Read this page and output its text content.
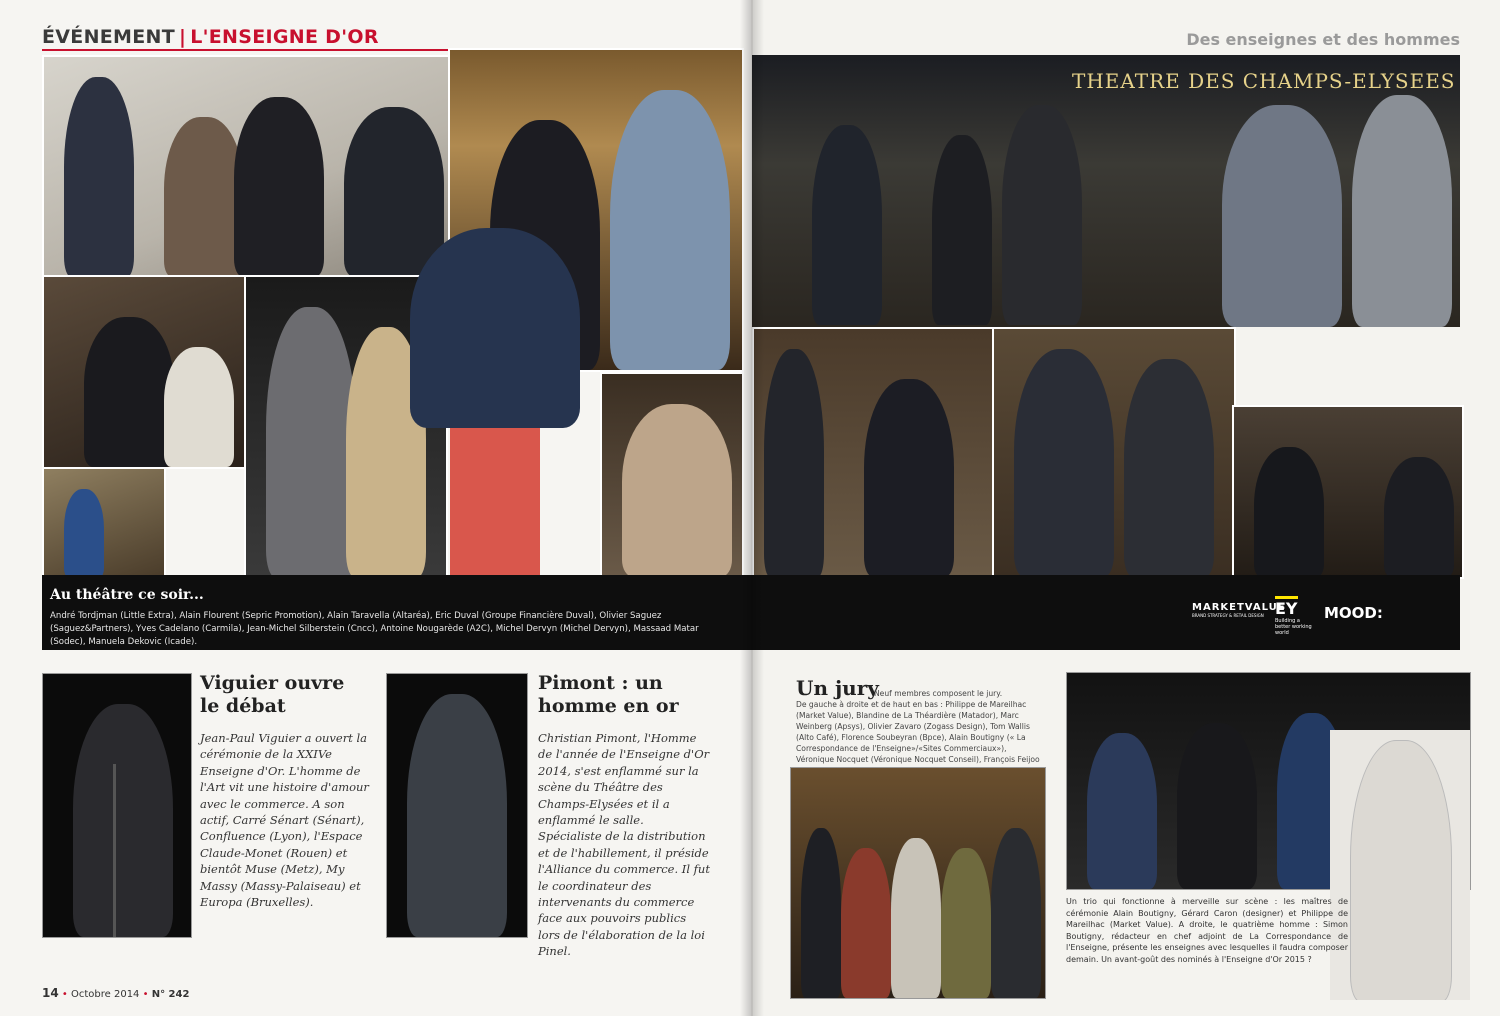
ÉVÉNEMENT | L'ENSEIGNE D'OR	Des enseignes et des hommes
THEATRE DES CHAMPS-ELYSEES
Au théâtre ce soir...
André Tordjman (Little Extra), Alain Flourent (Sepric Promotion), Alain Taravella (Altaréa), Eric Duval (Groupe Financière Duval), Olivier Saguez (Saguez&Partners), Yves Cadelano (Carmila), Jean-Michel Silberstein (Cncc), Antoine Nougarède (A2C), Michel Dervyn (Michel Dervyn), Massaad Matar (Sodec), Manuela Dekovic (Icade).
MARKETVALUE
BRAND STRATEGY & RETAIL DESIGN EY
Building a better working world
MOOD:
Viguier ouvre le débat
Jean-Paul Viguier a ouvert la cérémonie de la XXIVe Enseigne d'Or. L'homme de l'Art vit une histoire d'amour avec le commerce. A son actif, Carré Sénart (Sénart), Confluence (Lyon), l'Espace Claude-Monet (Rouen) et bientôt Muse (Metz), My Massy (Massy-Palaiseau) et Europa (Bruxelles).
Pimont : un homme en or
Christian Pimont, l'Homme de l'année de l'Enseigne d'Or 2014, s'est enflammé sur la scène du Théâtre des Champs-Elysées et il a enflammé le salle. Spécialiste de la distribution et de l'habillement, il préside l'Alliance du commerce. Il fut le coordinateur des intervenants du commerce face aux pouvoirs publics lors de l'élaboration de la loi Pinel.
Un jury
Neuf membres composent le jury.
De gauche à droite et de haut en bas : Philippe de Mareilhac (Market Value), Blandine de La Théardière (Matador), Marc Weinberg (Apsys), Olivier Zavaro (Zogass Design), Tom Wallis (Alto Café), Florence Soubeyran (Bpce), Alain Boutigny (« La Correspondance de l'Enseigne»/«Sites Commerciaux»), Véronique Nocquet (Véronique Nocquet Conseil), François Feijoo
Un trio qui fonctionne à merveille sur scène : les maîtres de cérémonie Alain Boutigny, Gérard Caron (designer) et Philippe de Mareilhac (Market Value). A droite, le quatrième homme : Simon Boutigny, rédacteur en chef adjoint de La Correspondance de l'Enseigne, présente les enseignes avec lesquelles il faudra composer demain. Un avant-goût des nominés à l'Enseigne d'Or 2015 ?
14 • Octobre 2014 • N° 242
